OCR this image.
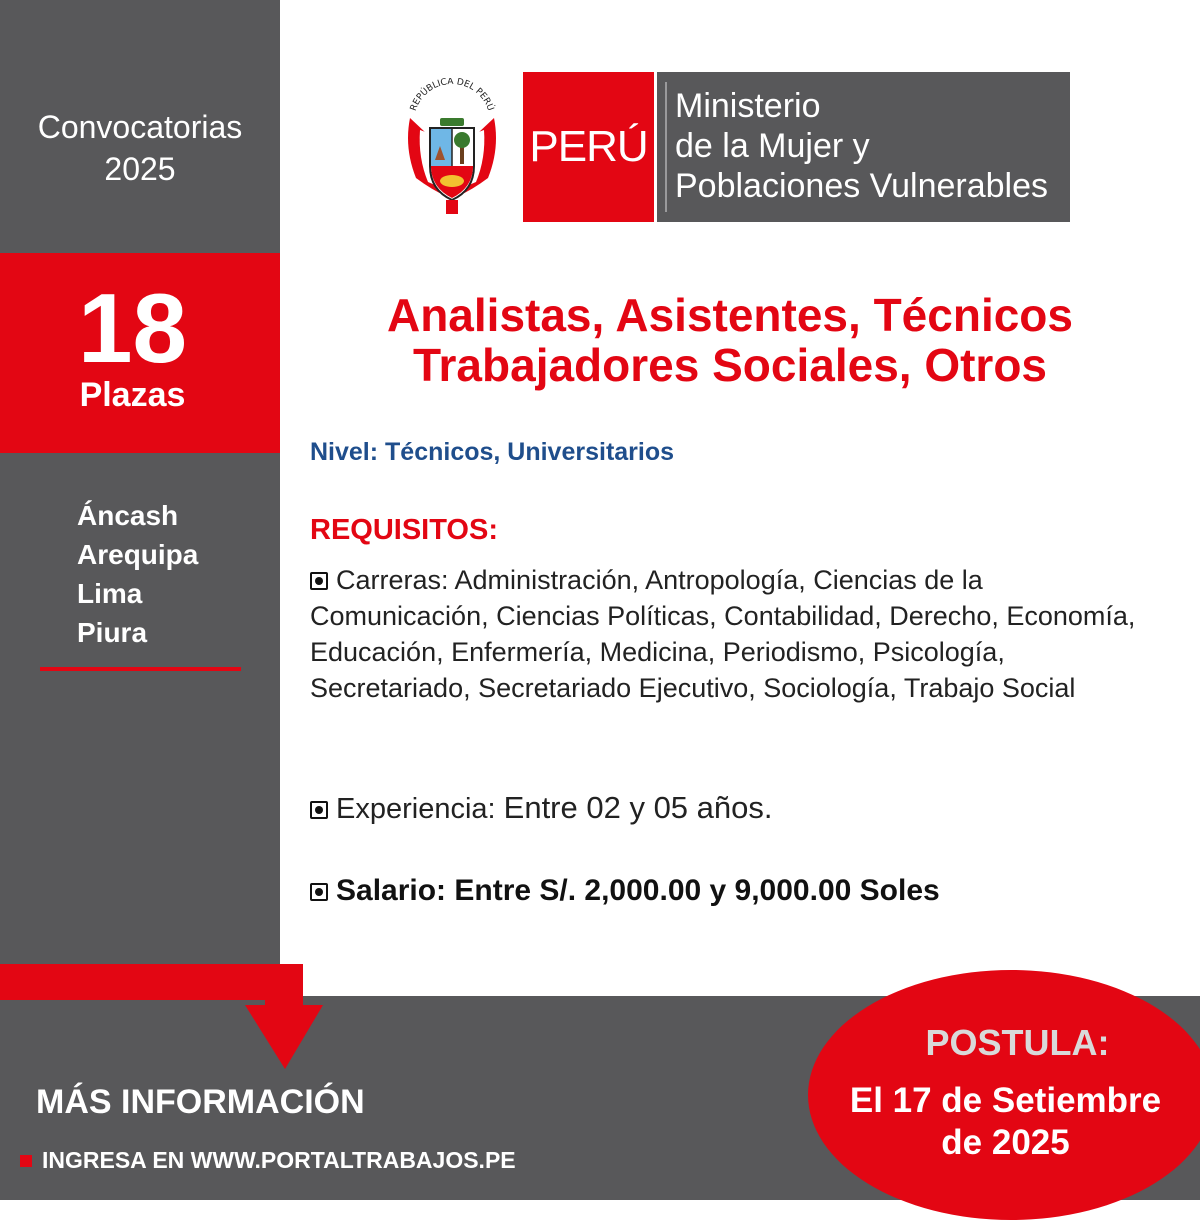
Convocatorias
2025
18
Plazas
Áncash
Arequipa
Lima
Piura
REPÚBLICA DEL PERÚ
PERÚ
Ministerio
de la Mujer y
Poblaciones Vulnerables
Analistas, Asistentes, Técnicos
Trabajadores Sociales, Otros
Nivel: Técnicos, Universitarios
REQUISITOS:
Carreras: Administración, Antropología, Ciencias de la Comunicación, Ciencias Políticas, Contabilidad, Derecho, Economía, Educación, Enfermería, Medicina, Periodismo, Psicología, Secretariado, Secretariado Ejecutivo, Sociología, Trabajo Social
Experiencia: Entre 02 y 05 años.
Salario: Entre S/. 2,000.00 y 9,000.00 Soles
MÁS INFORMACIÓN
INGRESA EN WWW.PORTALTRABAJOS.PE
POSTULA:
El 17 de Setiembre
de 2025
